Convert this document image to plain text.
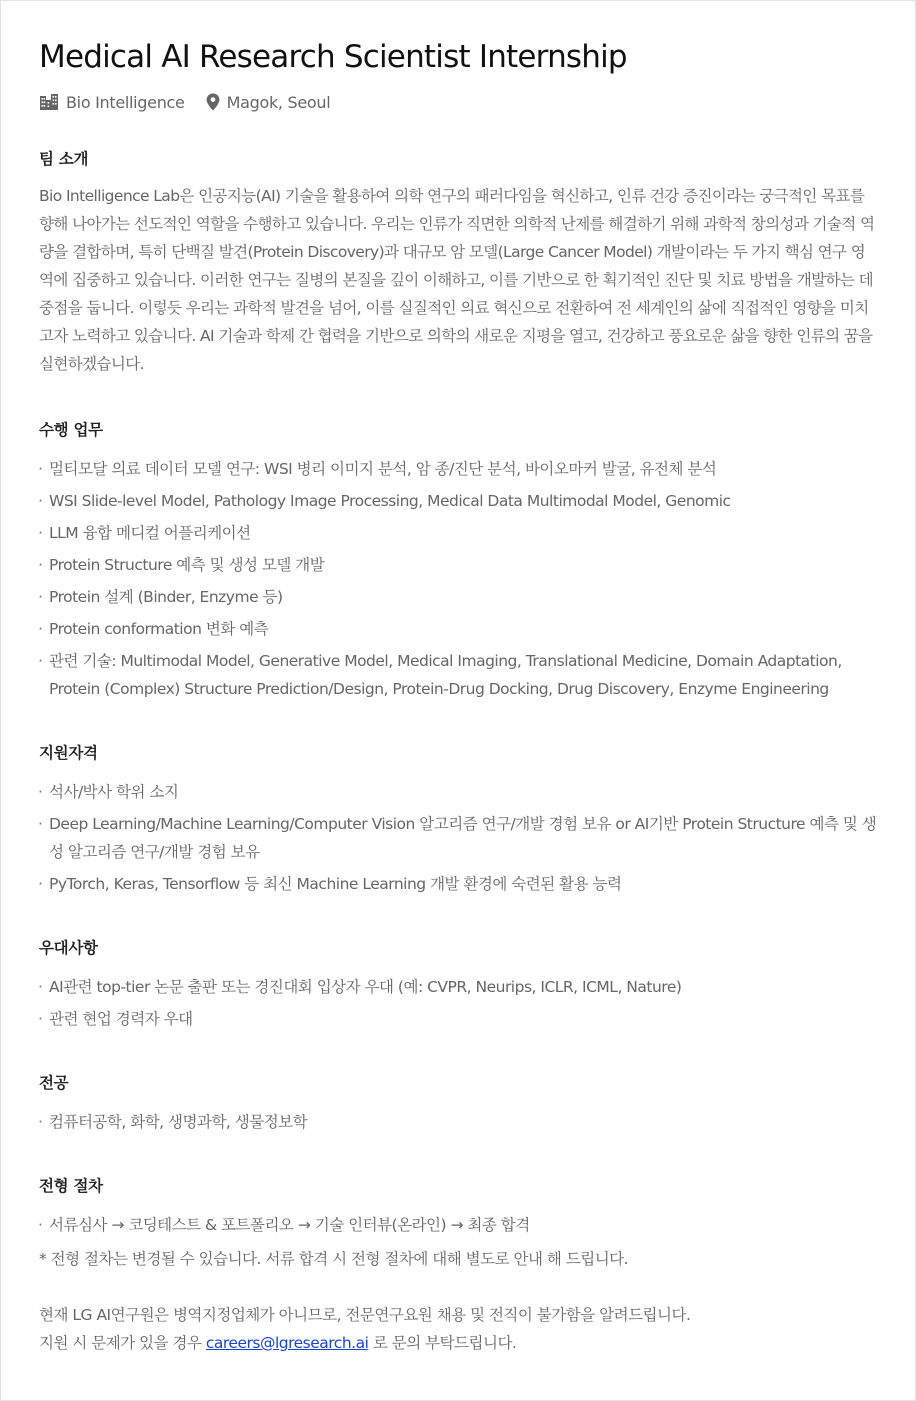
Medical AI Research Scientist Internship
Bio Intelligence	Magok, Seoul
팀 소개

Bio Intelligence Lab은 인공지능(AI) 기술을 활용하여 의학 연구의 패러다임을 혁신하고, 인류 건강 증진이라는 궁극적인 목표를 향해 나아가는 선도적인 역할을 수행하고 있습니다. 우리는 인류가 직면한 의학적 난제를 해결하기 위해 과학적 창의성과 기술적 역량을 결합하며, 특히 단백질 발견(Protein Discovery)과 대규모 암 모델(Large Cancer Model) 개발이라는 두 가지 핵심 연구 영역에 집중하고 있습니다. 이러한 연구는 질병의 본질을 깊이 이해하고, 이를 기반으로 한 획기적인 진단 및 치료 방법을 개발하는 데 중점을 둡니다. 이렇듯 우리는 과학적 발견을 넘어, 이를 실질적인 의료 혁신으로 전환하여 전 세계인의 삶에 직접적인 영향을 미치고자 노력하고 있습니다. AI 기술과 학제 간 협력을 기반으로 의학의 새로운 지평을 열고, 건강하고 풍요로운 삶을 향한 인류의 꿈을 실현하겠습니다.

수행 업무
· 멀티모달 의료 데이터 모델 연구: WSI 병리 이미지 분석, 암 종/진단 분석, 바이오마커 발굴, 유전체 분석
· WSI Slide-level Model, Pathology Image Processing, Medical Data Multimodal Model, Genomic
· LLM 융합 메디컬 어플리케이션
· Protein Structure 예측 및 생성 모델 개발
· Protein 설계 (Binder, Enzyme 등)
· Protein conformation 변화 예측
· 관련 기술: Multimodal Model, Generative Model, Medical Imaging, Translational Medicine, Domain Adaptation, Protein (Complex) Structure Prediction/Design, Protein-Drug Docking, Drug Discovery, Enzyme Engineering
지원자격
· 석사/박사 학위 소지
· Deep Learning/Machine Learning/Computer Vision 알고리즘 연구/개발 경험 보유 or AI기반 Protein Structure 예측 및 생성 알고리즘 연구/개발 경험 보유
· PyTorch, Keras, Tensorflow 등 최신 Machine Learning 개발 환경에 숙련된 활용 능력
우대사항
· AI관련 top-tier 논문 출판 또는 경진대회 입상자 우대 (예: CVPR, Neurips, ICLR, ICML, Nature)
· 관련 현업 경력자 우대
전공
· 컴퓨터공학, 화학, 생명과학, 생물정보학
전형 절차
· 서류심사 → 코딩테스트 & 포트폴리오 → 기술 인터뷰(온라인) → 최종 합격

* 전형 절차는 변경될 수 있습니다. 서류 합격 시 전형 절차에 대해 별도로 안내 해 드립니다.

현재 LG AI연구원은 병역지정업체가 아니므로, 전문연구요원 채용 및 전직이 불가함을 알려드립니다.

지원 시 문제가 있을 경우 careers@lgresearch.ai 로 문의 부탁드립니다.
